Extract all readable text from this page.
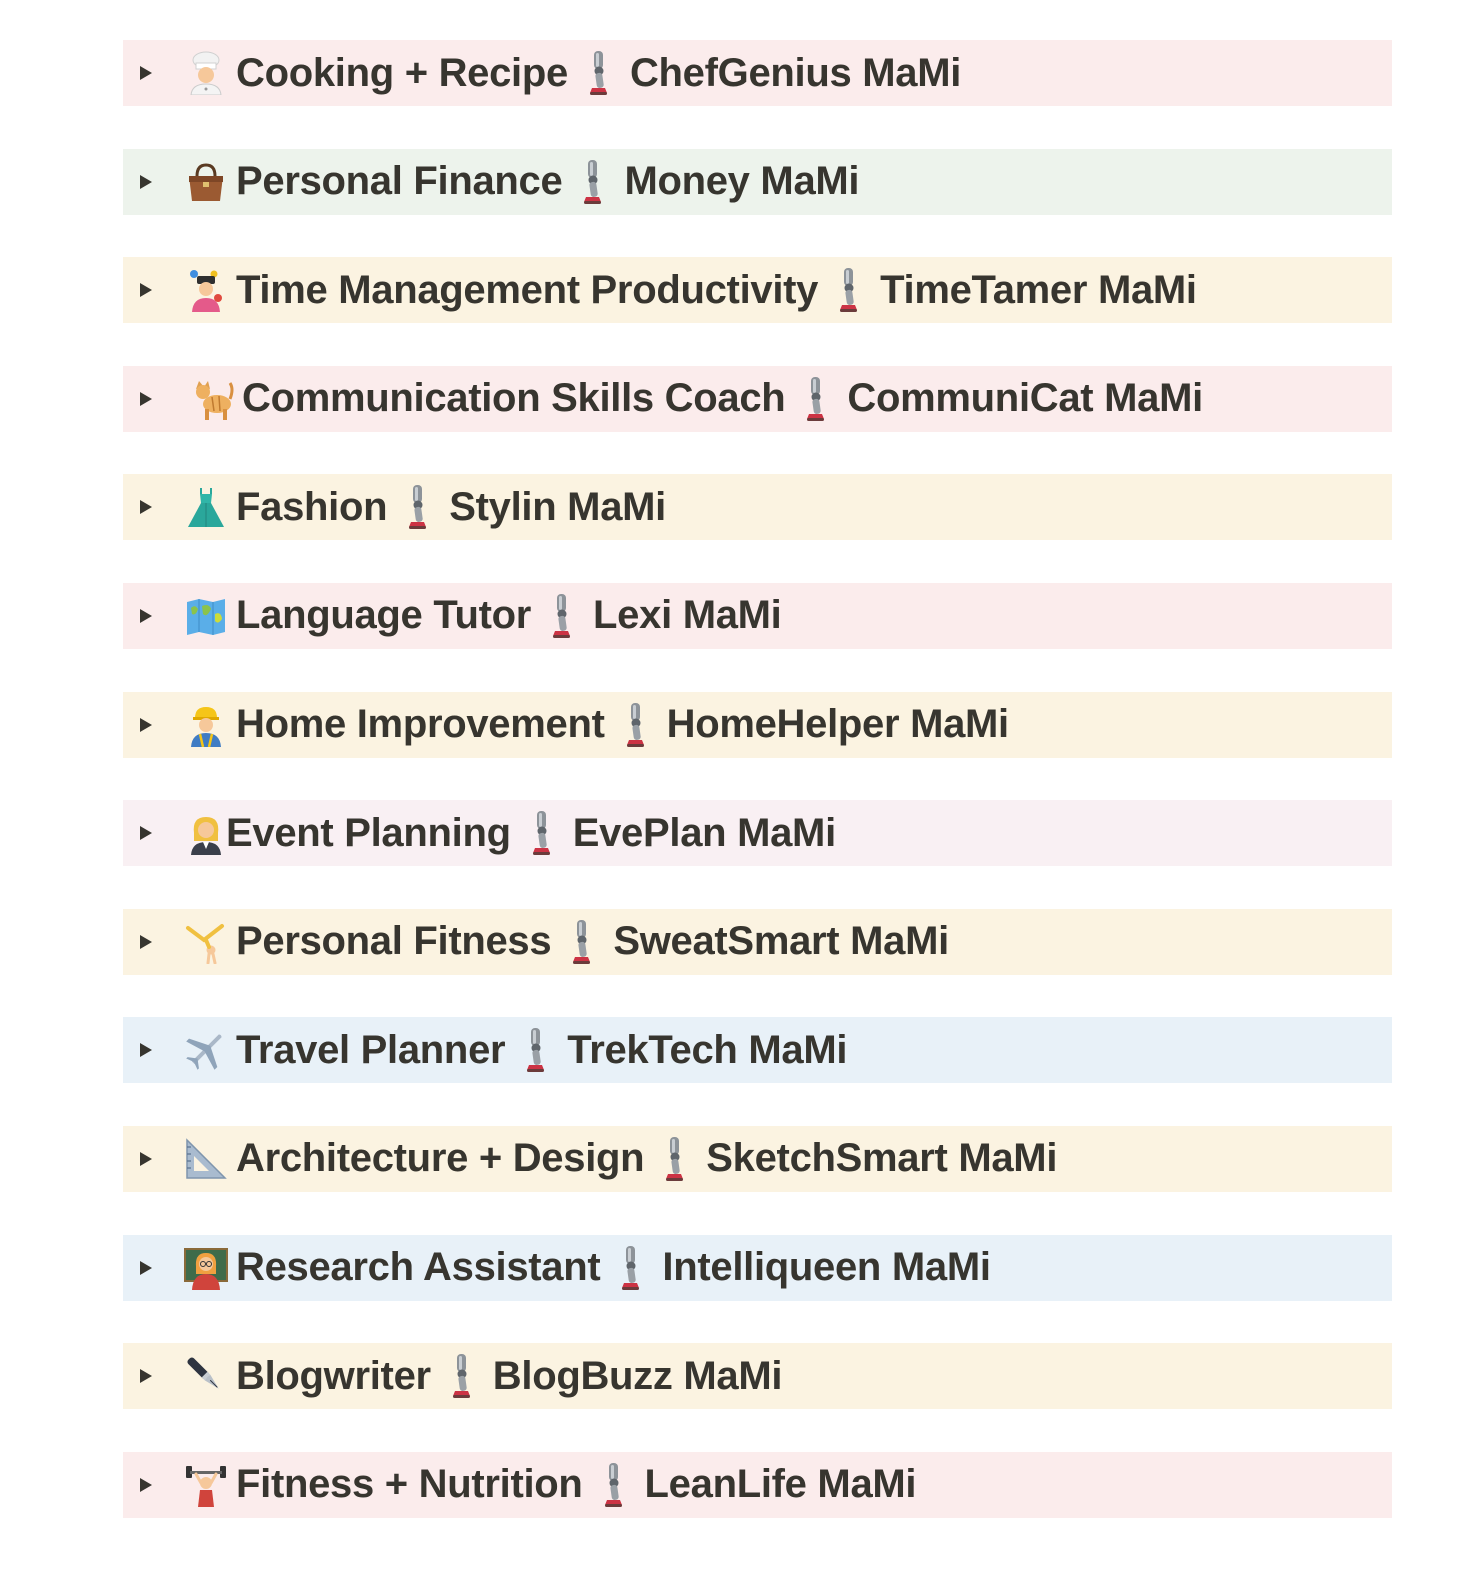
Cooking + Recipe ChefGenius MaMi
Personal Finance Money MaMi
Time Management Productivity TimeTamer MaMi
Communication Skills Coach CommuniCat MaMi
Fashion Stylin MaMi
Language Tutor Lexi MaMi
Home Improvement HomeHelper MaMi
Event Planning EvePlan MaMi
Personal Fitness SweatSmart MaMi
Travel Planner TrekTech MaMi
Architecture + Design SketchSmart MaMi
Research Assistant Intelliqueen MaMi
Blogwriter BlogBuzz MaMi
Fitness + Nutrition LeanLife MaMi
